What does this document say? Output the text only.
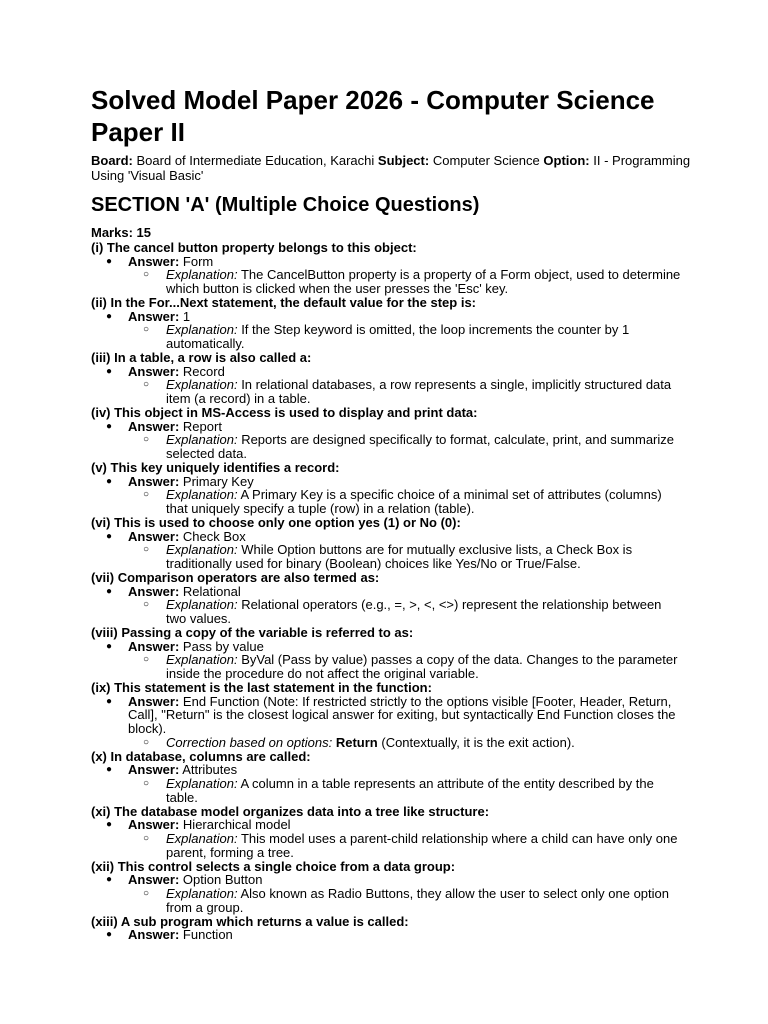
Solved Model Paper 2026 - Computer Science Paper II
Board: Board of Intermediate Education, Karachi Subject: Computer Science Option: II - Programming Using 'Visual Basic'
SECTION 'A' (Multiple Choice Questions)
Marks: 15
(i) The cancel button property belongs to this object:
● Answer: Form
○ Explanation: The CancelButton property is a property of a Form object, used to determine which button is clicked when the user presses the 'Esc' key.
(ii) In the For...Next statement, the default value for the step is:
● Answer: 1
○ Explanation: If the Step keyword is omitted, the loop increments the counter by 1 automatically.
(iii) In a table, a row is also called a:
● Answer: Record
○ Explanation: In relational databases, a row represents a single, implicitly structured data item (a record) in a table.
(iv) This object in MS-Access is used to display and print data:
● Answer: Report
○ Explanation: Reports are designed specifically to format, calculate, print, and summarize selected data.
(v) This key uniquely identifies a record:
● Answer: Primary Key
○ Explanation: A Primary Key is a specific choice of a minimal set of attributes (columns) that uniquely specify a tuple (row) in a relation (table).
(vi) This is used to choose only one option yes (1) or No (0):
● Answer: Check Box
○ Explanation: While Option buttons are for mutually exclusive lists, a Check Box is traditionally used for binary (Boolean) choices like Yes/No or True/False.
(vii) Comparison operators are also termed as:
● Answer: Relational
○ Explanation: Relational operators (e.g., =, >, <, <>) represent the relationship between two values.
(viii) Passing a copy of the variable is referred to as:
● Answer: Pass by value
○ Explanation: ByVal (Pass by value) passes a copy of the data. Changes to the parameter inside the procedure do not affect the original variable.
(ix) This statement is the last statement in the function:
● Answer: End Function (Note: If restricted strictly to the options visible [Footer, Header, Return, Call], "Return" is the closest logical answer for exiting, but syntactically End Function closes the block).
○ Correction based on options: Return (Contextually, it is the exit action).
(x) In database, columns are called:
● Answer: Attributes
○ Explanation: A column in a table represents an attribute of the entity described by the table.
(xi) The database model organizes data into a tree like structure:
● Answer: Hierarchical model
○ Explanation: This model uses a parent-child relationship where a child can have only one parent, forming a tree.
(xii) This control selects a single choice from a data group:
● Answer: Option Button
○ Explanation: Also known as Radio Buttons, they allow the user to select only one option from a group.
(xiii) A sub program which returns a value is called:
● Answer: Function
